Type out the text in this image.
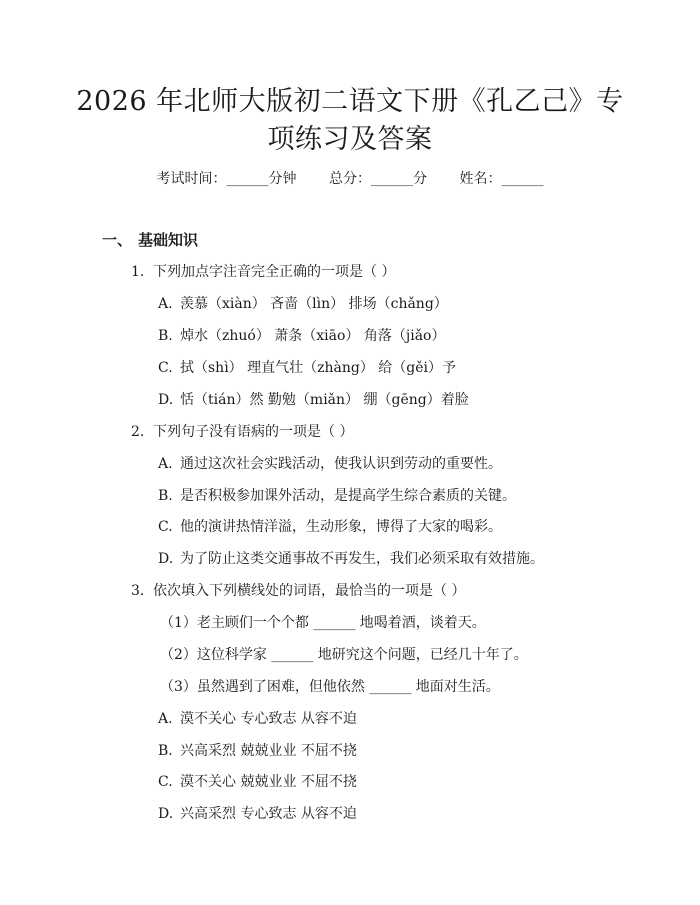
2026 年北师大版初二语文下册《孔乙己》专
项练习及答案
考试时间：______分钟 总分：______分 姓名：______
一、 基础知识
1. 下列加点字注音完全正确的一项是（ ）
A. 羡慕（xiàn） 吝啬（lìn） 排场（chǎng）
B. 焯水（zhuó） 萧条（xiāo） 角落（jiǎo）
C. 拭（shì） 理直气壮（zhàng） 给（gěi）予
D. 恬（tián）然 勤勉（miǎn） 绷（gēng）着脸
2. 下列句子没有语病的一项是（ ）
A. 通过这次社会实践活动，使我认识到劳动的重要性。
B. 是否积极参加课外活动，是提高学生综合素质的关键。
C. 他的演讲热情洋溢，生动形象，博得了大家的喝彩。
D. 为了防止这类交通事故不再发生，我们必须采取有效措施。
3. 依次填入下列横线处的词语，最恰当的一项是（ ）
（1）老主顾们一个个都 ______ 地喝着酒，谈着天。
（2）这位科学家 ______ 地研究这个问题，已经几十年了。
（3）虽然遇到了困难，但他依然 ______ 地面对生活。
A. 漠不关心 专心致志 从容不迫
B. 兴高采烈 兢兢业业 不屈不挠
C. 漠不关心 兢兢业业 不屈不挠
D. 兴高采烈 专心致志 从容不迫
